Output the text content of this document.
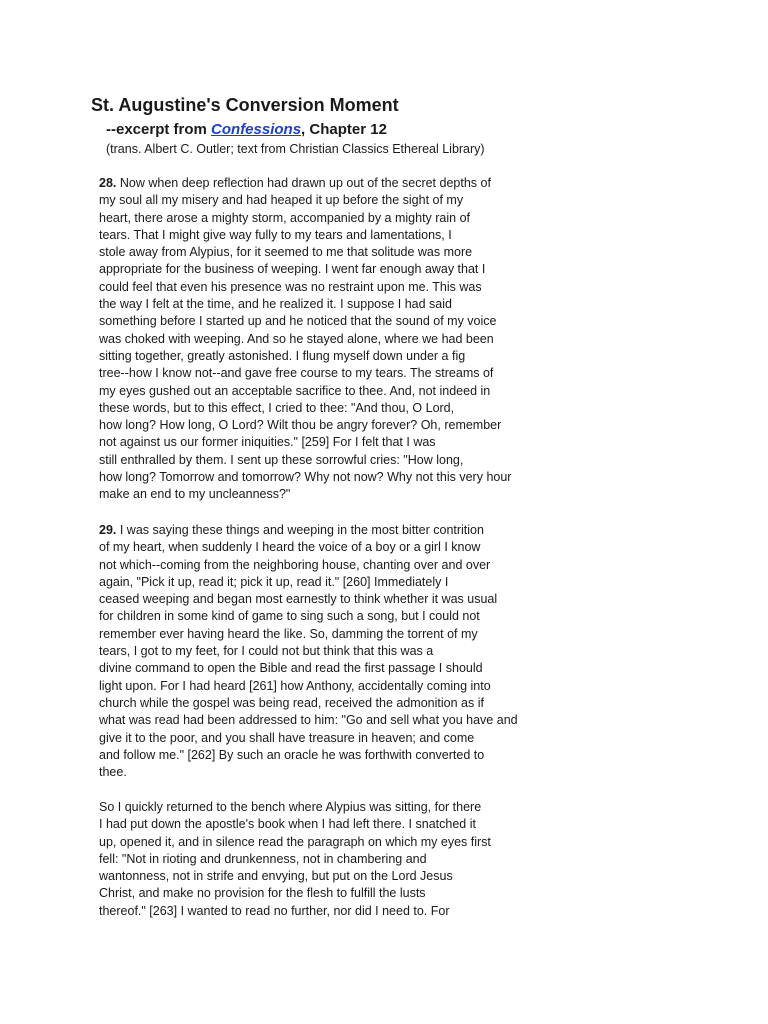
St. Augustine's Conversion Moment
--excerpt from Confessions, Chapter 12

(trans. Albert C. Outler; text from Christian Classics Ethereal Library)

28. Now when deep reflection had drawn up out of the secret depths of
my soul all my misery and had heaped it up before the sight of my
heart, there arose a mighty storm, accompanied by a mighty rain of
tears. That I might give way fully to my tears and lamentations, I
stole away from Alypius, for it seemed to me that solitude was more
appropriate for the business of weeping. I went far enough away that I
could feel that even his presence was no restraint upon me. This was
the way I felt at the time, and he realized it. I suppose I had said
something before I started up and he noticed that the sound of my voice
was choked with weeping. And so he stayed alone, where we had been
sitting together, greatly astonished. I flung myself down under a fig
tree--how I know not--and gave free course to my tears. The streams of
my eyes gushed out an acceptable sacrifice to thee. And, not indeed in
these words, but to this effect, I cried to thee: "And thou, O Lord,
how long? How long, O Lord? Wilt thou be angry forever? Oh, remember
not against us our former iniquities." [259] For I felt that I was
still enthralled by them. I sent up these sorrowful cries: "How long,
how long? Tomorrow and tomorrow? Why not now? Why not this very hour
make an end to my uncleanness?"
29. I was saying these things and weeping in the most bitter contrition
of my heart, when suddenly I heard the voice of a boy or a girl I know
not which--coming from the neighboring house, chanting over and over
again, "Pick it up, read it; pick it up, read it." [260] Immediately I
ceased weeping and began most earnestly to think whether it was usual
for children in some kind of game to sing such a song, but I could not
remember ever having heard the like. So, damming the torrent of my
tears, I got to my feet, for I could not but think that this was a
divine command to open the Bible and read the first passage I should
light upon. For I had heard [261] how Anthony, accidentally coming into
church while the gospel was being read, received the admonition as if
what was read had been addressed to him: "Go and sell what you have and
give it to the poor, and you shall have treasure in heaven; and come
and follow me." [262] By such an oracle he was forthwith converted to
thee.
So I quickly returned to the bench where Alypius was sitting, for there
I had put down the apostle's book when I had left there. I snatched it
up, opened it, and in silence read the paragraph on which my eyes first
fell: "Not in rioting and drunkenness, not in chambering and
wantonness, not in strife and envying, but put on the Lord Jesus
Christ, and make no provision for the flesh to fulfill the lusts
thereof." [263] I wanted to read no further, nor did I need to. For
